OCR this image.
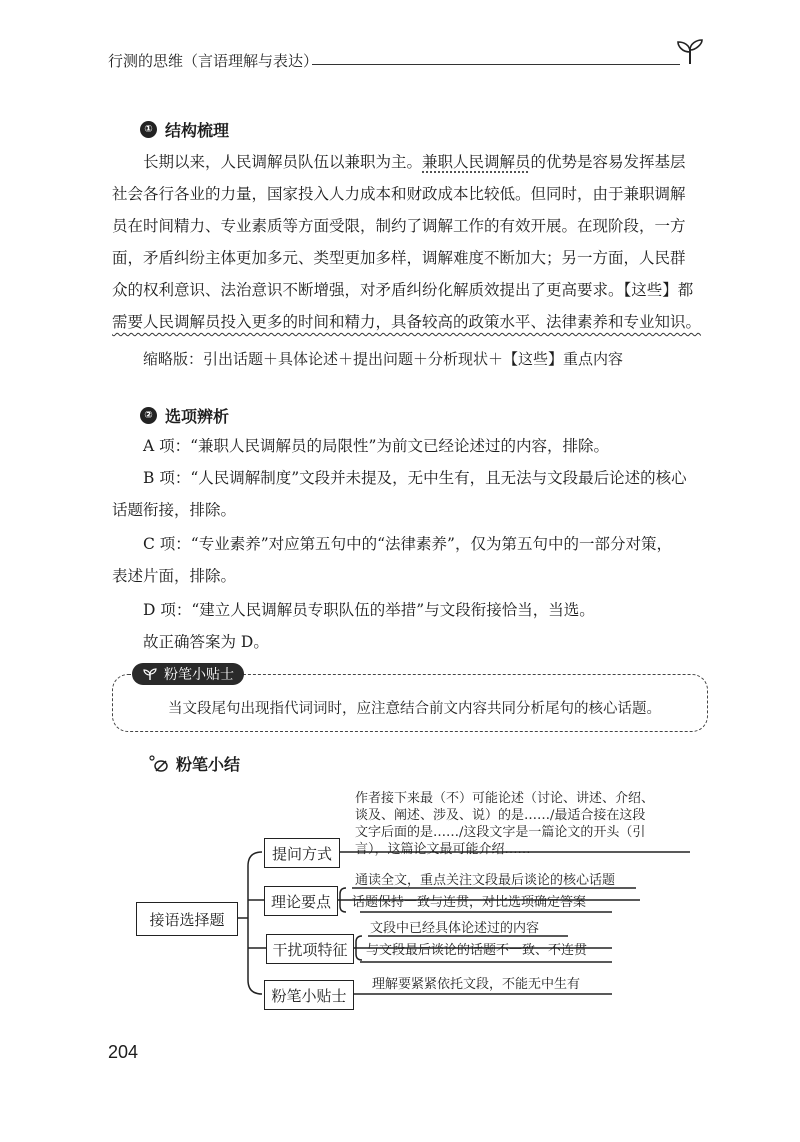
行测的思维（言语理解与表达）
① 结构梳理
长期以来，人民调解员队伍以兼职为主。兼职人民调解员的优势是容易发挥基层
社会各行各业的力量，国家投入人力成本和财政成本比较低。但同时，由于兼职调解
员在时间精力、专业素质等方面受限，制约了调解工作的有效开展。在现阶段，一方
面，矛盾纠纷主体更加多元、类型更加多样，调解难度不断加大；另一方面，人民群
众的权利意识、法治意识不断增强，对矛盾纠纷化解质效提出了更高要求。【这些】都
需要人民调解员投入更多的时间和精力，具备较高的政策水平、法律素养和专业知识。
缩略版：引出话题＋具体论述＋提出问题＋分析现状＋【这些】重点内容
② 选项辨析
A 项：“兼职人民调解员的局限性”为前文已经论述过的内容，排除。
B 项：“人民调解制度”文段并未提及，无中生有，且无法与文段最后论述的核心
话题衔接，排除。
C 项：“专业素养”对应第五句中的“法律素养”，仅为第五句中的一部分对策，
表述片面，排除。
D 项：“建立人民调解员专职队伍的举措”与文段衔接恰当，当选。
故正确答案为 D。
粉笔小贴士
当文段尾句出现指代词词时，应注意结合前文内容共同分析尾句的核心话题。
粉笔小结
接语选择题
提问方式
作者接下来最（不）可能论述（讨论、讲述、介绍、
谈及、阐述、涉及、说）的是……/最适合接在这段
文字后面的是……/这段文字是一篇论文的开头（引
言），这篇论文最可能介绍……
理论要点
通读全文，重点关注文段最后谈论的核心话题
话题保持一致与连贯，对比选项确定答案
干扰项特征
文段中已经具体论述过的内容
与文段最后谈论的话题不一致、不连贯
粉笔小贴士
理解要紧紧依托文段，不能无中生有
204
